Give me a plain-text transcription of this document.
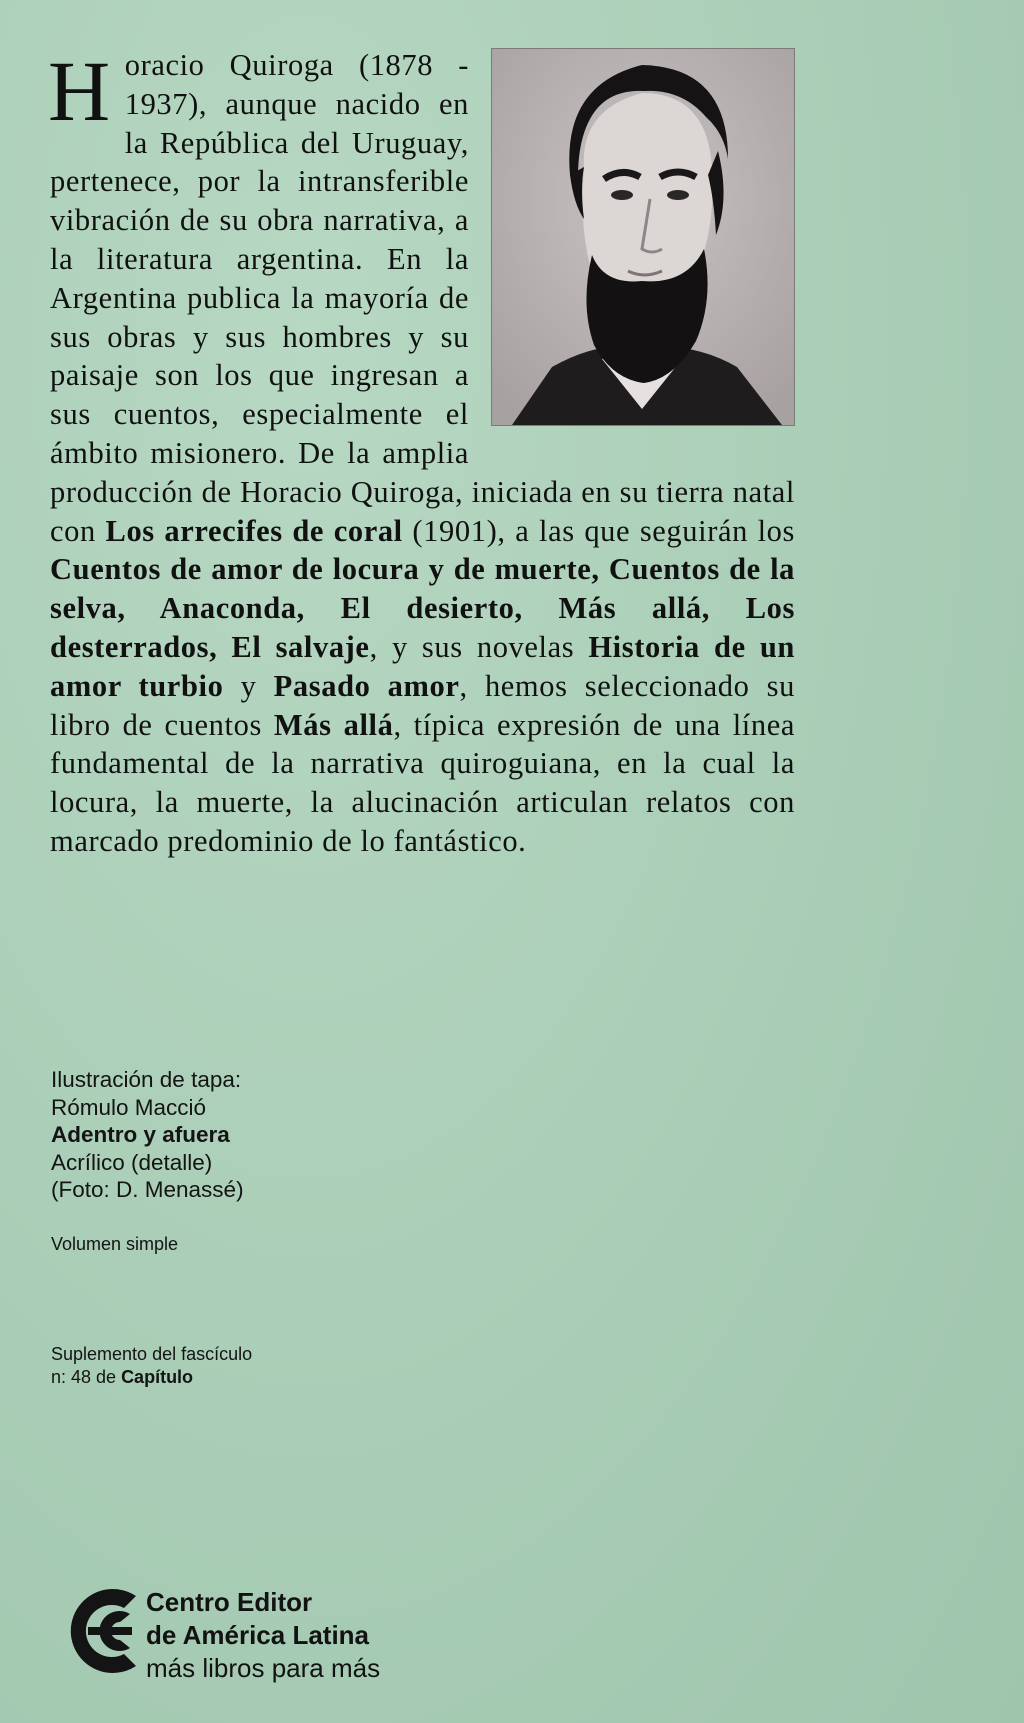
H oracio Quiroga (1878 - 1937), aunque nacido en la República del Uruguay, pertenece, por la intransferible vibración de su obra narrativa, a la literatura argentina. En la Argentina publica la mayoría de sus obras y sus hombres y su paisaje son los que ingresan a sus cuentos, especialmente el ámbito misionero. De la amplia producción de Horacio Quiroga, iniciada en su tierra natal con Los arrecifes de coral (1901), a las que seguirán los Cuentos de amor de locura y de muerte, Cuentos de la selva, Anaconda, El desierto, Más allá, Los desterrados, El salvaje, y sus novelas Historia de un amor turbio y Pasado amor, hemos seleccionado su libro de cuentos Más allá, típica expresión de una línea fundamental de la narrativa quiroguiana, en la cual la locura, la muerte, la alucinación articulan relatos con marcado predominio de lo fantástico.

Ilustración de tapa:
Rómulo Macció
Adentro y afuera
Acrílico (detalle)
(Foto: D. Menassé)
Volumen simple
Suplemento del fascículo
n: 48 de Capítulo
Centro Editor
de América Latina
más libros para más
